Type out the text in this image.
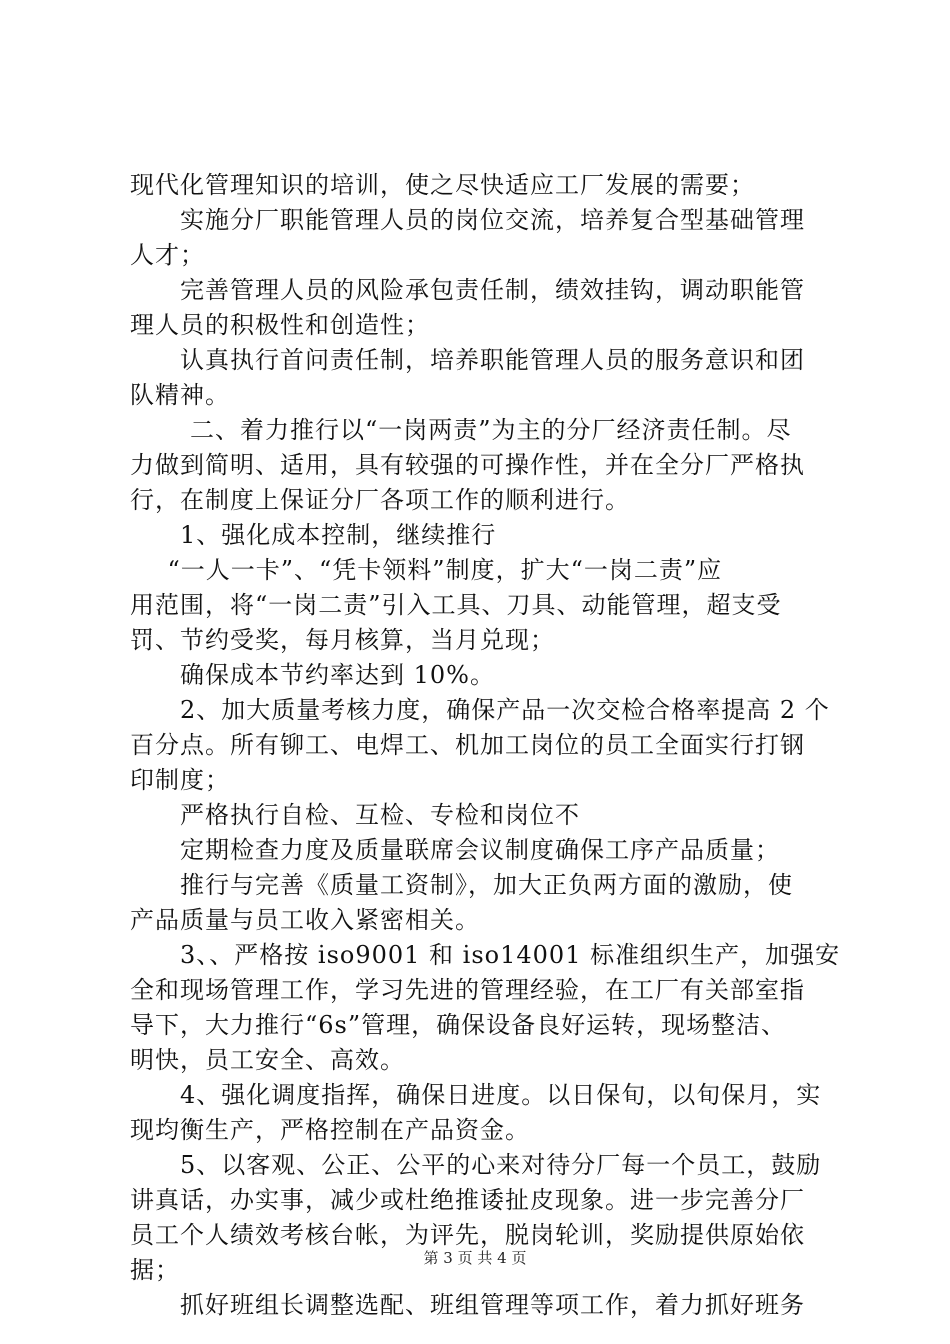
现代化管理知识的培训，使之尽快适应工厂发展的需要；
实施分厂职能管理人员的岗位交流，培养复合型基础管理
人才；
完善管理人员的风险承包责任制，绩效挂钩，调动职能管
理人员的积极性和创造性；
认真执行首问责任制，培养职能管理人员的服务意识和团
队精神。
二、着力推行以“一岗两责”为主的分厂经济责任制。尽
力做到简明、适用，具有较强的可操作性，并在全分厂严格执
行，在制度上保证分厂各项工作的顺利进行。
1、强化成本控制，继续推行
“一人一卡”、“凭卡领料”制度，扩大“一岗二责”应
用范围，将“一岗二责”引入工具、刀具、动能管理，超支受
罚、节约受奖，每月核算，当月兑现；
确保成本节约率达到 10%。
2、加大质量考核力度，确保产品一次交检合格率提高 2 个
百分点。所有铆工、电焊工、机加工岗位的员工全面实行打钢
印制度；
严格执行自检、互检、专检和岗位不
定期检查力度及质量联席会议制度确保工序产品质量；
推行与完善《质量工资制》，加大正负两方面的激励，使
产品质量与员工收入紧密相关。
3、、严格按 iso9001 和 iso14001 标准组织生产，加强安
全和现场管理工作，学习先进的管理经验，在工厂有关部室指
导下，大力推行“6s”管理，确保设备良好运转，现场整洁、
明快，员工安全、高效。
4、强化调度指挥，确保日进度。以日保旬，以旬保月，实
现均衡生产，严格控制在产品资金。
5、以客观、公正、公平的心来对待分厂每一个员工，鼓励
讲真话，办实事，减少或杜绝推诿扯皮现象。进一步完善分厂
员工个人绩效考核台帐，为评先，脱岗轮训，奖励提供原始依
据；
抓好班组长调整选配、班组管理等项工作，着力抓好班务
第 3 页 共 4 页
